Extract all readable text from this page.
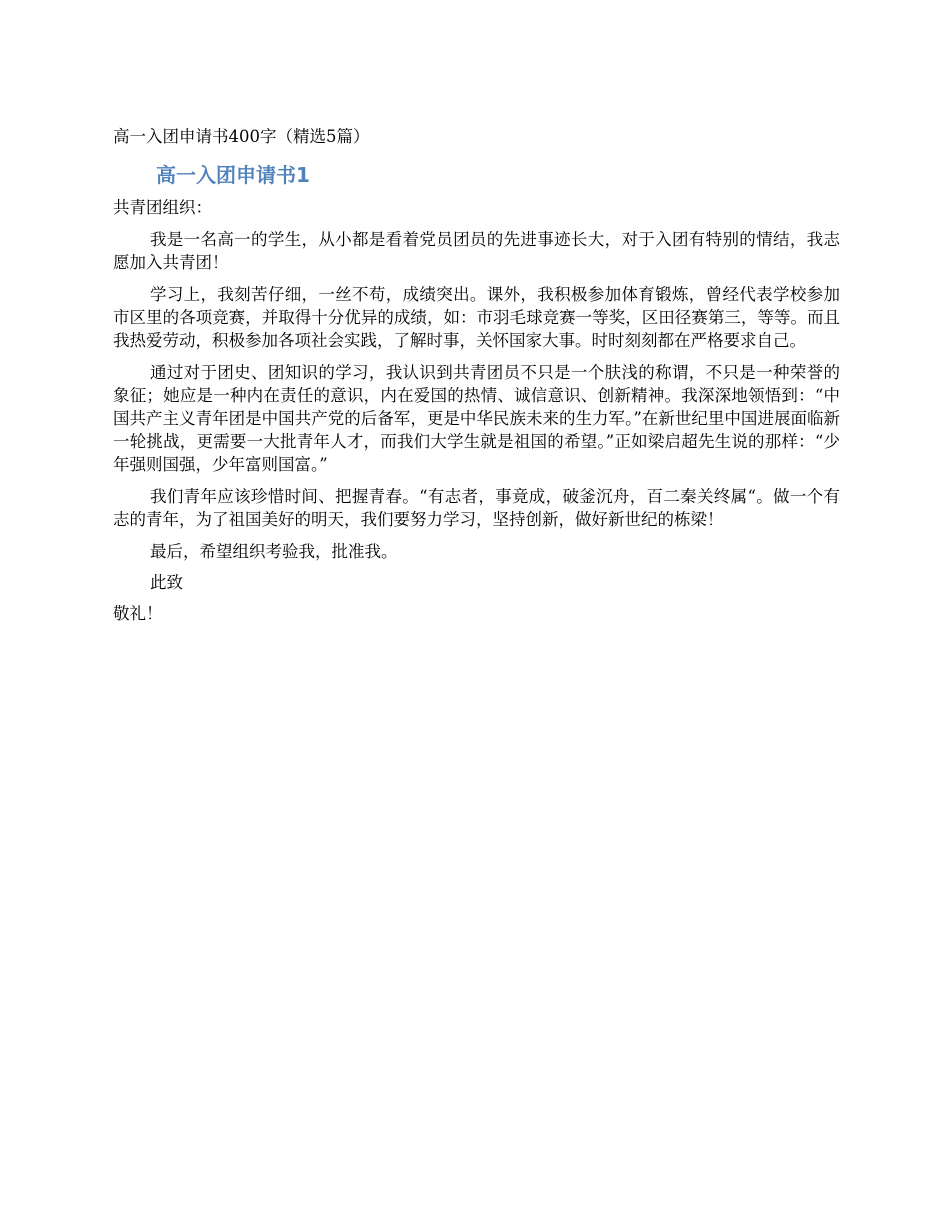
高一入团申请书400字（精选5篇）

高一入团申请书1

共青团组织：

我是一名高一的学生，从小都是看着党员团员的先进事迹长大，对于入团有特别的情结，我志愿加入共青团！

学习上，我刻苦仔细，一丝不苟，成绩突出。课外，我积极参加体育锻炼，曾经代表学校参加市区里的各项竞赛，并取得十分优异的成绩，如：市羽毛球竞赛一等奖，区田径赛第三，等等。而且我热爱劳动，积极参加各项社会实践，了解时事，关怀国家大事。时时刻刻都在严格要求自己。

通过对于团史、团知识的学习，我认识到共青团员不只是一个肤浅的称谓，不只是一种荣誉的象征；她应是一种内在责任的意识，内在爱国的热情、诚信意识、创新精神。我深深地领悟到：“中国共产主义青年团是中国共产党的后备军，更是中华民族未来的生力军。”在新世纪里中国进展面临新一轮挑战，更需要一大批青年人才，而我们大学生就是祖国的希望。”正如梁启超先生说的那样：“少年强则国强，少年富则国富。”

我们青年应该珍惜时间、把握青春。“有志者，事竟成，破釜沉舟，百二秦关终属“。做一个有志的青年，为了祖国美好的明天，我们要努力学习，坚持创新，做好新世纪的栋梁！

最后，希望组织考验我，批准我。

此致

敬礼！
